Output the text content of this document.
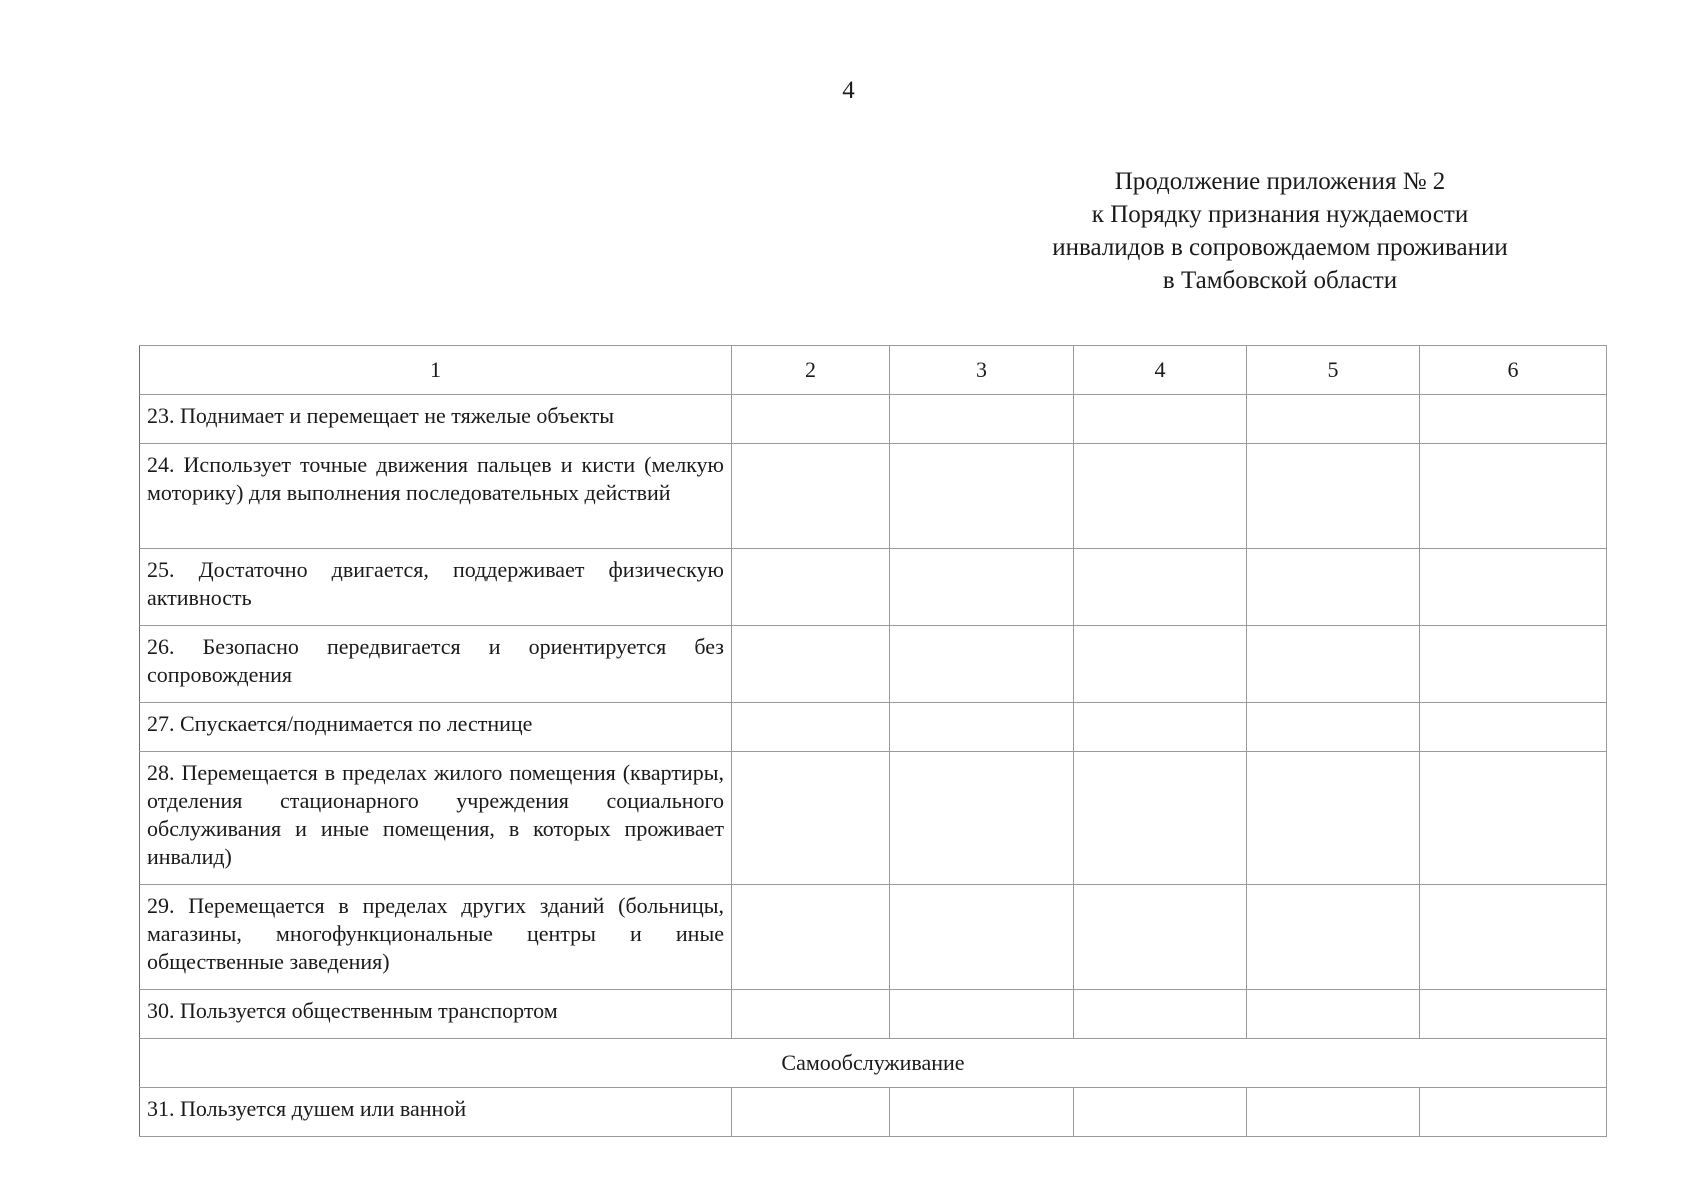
4
Продолжение приложения № 2
к Порядку признания нуждаемости
инвалидов в сопровождаемом проживании
в Тамбовской области
1	2	3	4	5	6
23. Поднимает и перемещает не тяжелые объекты					
24. Использует точные движения пальцев и кисти (мелкую моторику) для выполнения последовательных действий					
25. Достаточно двигается, поддерживает физическую активность					
26. Безопасно передвигается и ориентируется без сопровождения					
27. Спускается/поднимается по лестнице					
28. Перемещается в пределах жилого помещения (квартиры, отделения стационарного учреждения социального обслуживания и иные помещения, в которых проживает инвалид)					
29. Перемещается в пределах других зданий (больницы, магазины, многофункциональные центры и иные общественные заведения)					
30. Пользуется общественным транспортом					
Самообслуживание					
31. Пользуется душем или ванной					
